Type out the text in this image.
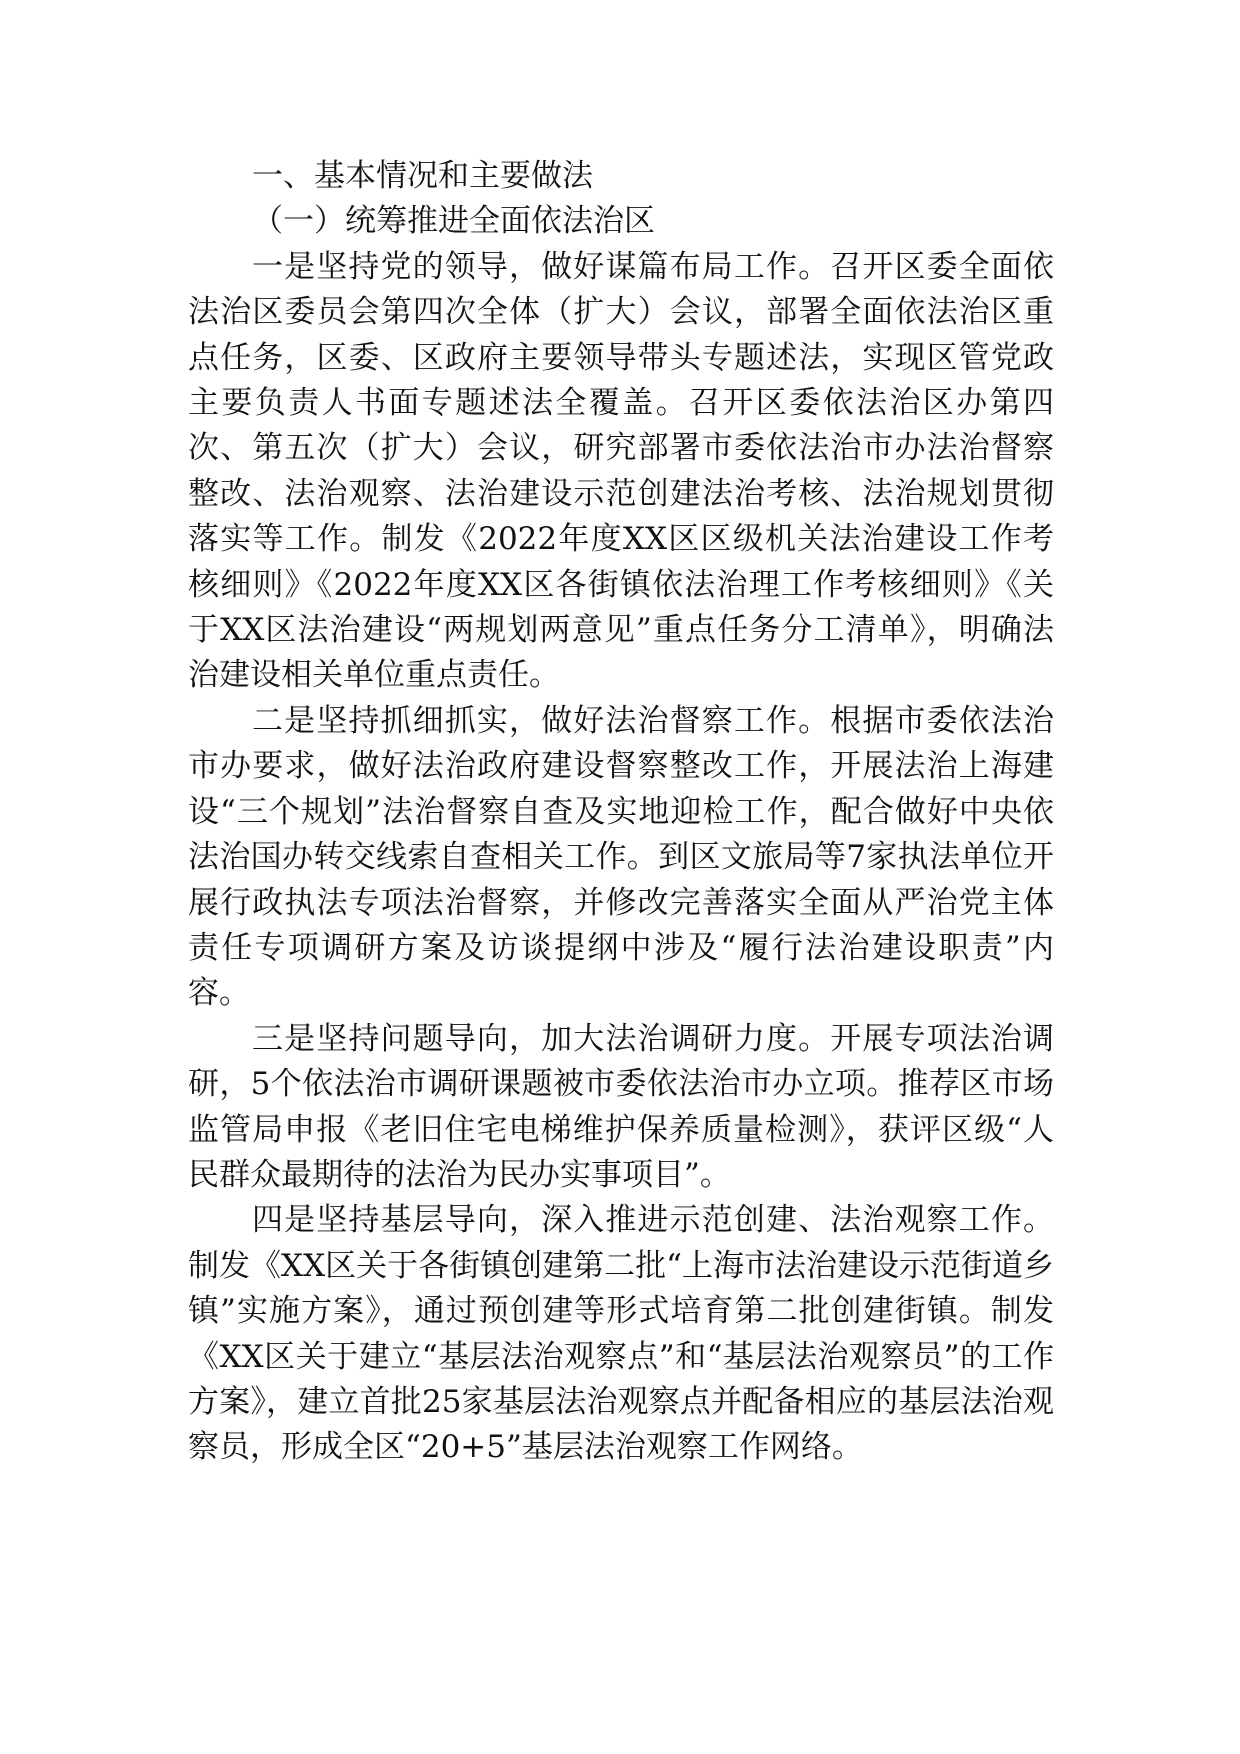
一、基本情况和主要做法

（一）统筹推进全面依法治区

一是坚持党的领导，做好谋篇布局工作。召开区委全面依法治区委员会第四次全体（扩大）会议，部署全面依法治区重点任务，区委、区政府主要领导带头专题述法，实现区管党政主要负责人书面专题述法全覆盖。召开区委依法治区办第四次、第五次（扩大）会议，研究部署市委依法治市办法治督察整改、法治观察、法治建设示范创建法治考核、法治规划贯彻落实等工作。制发《2022年度XX区区级机关法治建设工作考核细则》《2022年度XX区各街镇依法治理工作考核细则》《关于XX区法治建设“两规划两意见”重点任务分工清单》，明确法治建设相关单位重点责任。

二是坚持抓细抓实，做好法治督察工作。根据市委依法治市办要求，做好法治政府建设督察整改工作，开展法治上海建设“三个规划”法治督察自查及实地迎检工作，配合做好中央依法治国办转交线索自查相关工作。到区文旅局等7家执法单位开展行政执法专项法治督察，并修改完善落实全面从严治党主体责任专项调研方案及访谈提纲中涉及“履行法治建设职责”内容。

三是坚持问题导向，加大法治调研力度。开展专项法治调研，5个依法治市调研课题被市委依法治市办立项。推荐区市场监管局申报《老旧住宅电梯维护保养质量检测》，获评区级“人民群众最期待的法治为民办实事项目”。

四是坚持基层导向，深入推进示范创建、法治观察工作。制发《XX区关于各街镇创建第二批“上海市法治建设示范街道乡镇”实施方案》，通过预创建等形式培育第二批创建街镇。制发《XX区关于建立“基层法治观察点”和“基层法治观察员”的工作方案》，建立首批25家基层法治观察点并配备相应的基层法治观察员，形成全区“20+5”基层法治观察工作网络。
